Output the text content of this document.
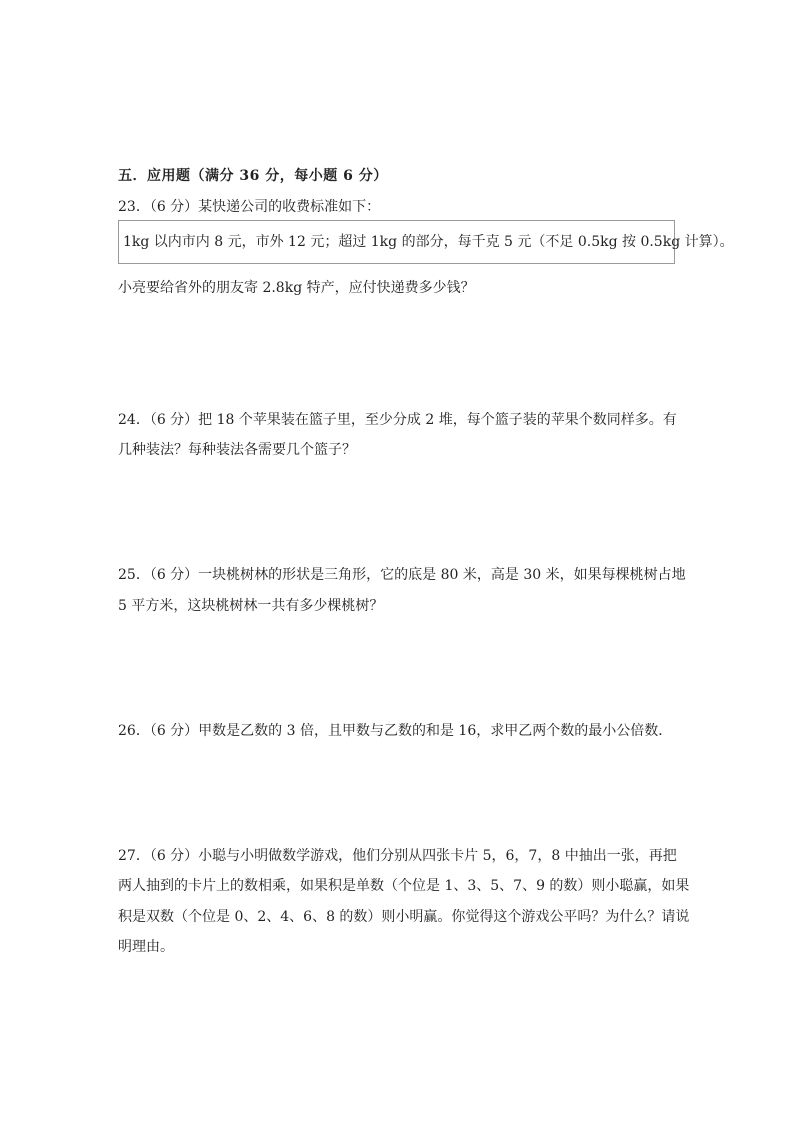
五．应用题（满分 36 分，每小题 6 分）
23．（6 分）某快递公司的收费标准如下：
1kg 以内市内 8 元，市外 12 元；超过 1kg 的部分，每千克 5 元（不足 0.5kg 按 0.5kg 计算）。
小亮要给省外的朋友寄 2.8kg 特产，应付快递费多少钱？
24．（6 分）把 18 个苹果装在篮子里，至少分成 2 堆，每个篮子装的苹果个数同样多。有
几种装法？每种装法各需要几个篮子？
25．（6 分）一块桃树林的形状是三角形，它的底是 80 米，高是 30 米，如果每棵桃树占地
5 平方米，这块桃树林一共有多少棵桃树？
26．（6 分）甲数是乙数的 3 倍，且甲数与乙数的和是 16，求甲乙两个数的最小公倍数．
27．（6 分）小聪与小明做数学游戏，他们分别从四张卡片 5，6，7，8 中抽出一张，再把
两人抽到的卡片上的数相乘，如果积是单数（个位是 1、3、5、7、9 的数）则小聪赢，如果
积是双数（个位是 0、2、4、6、8 的数）则小明赢。你觉得这个游戏公平吗？为什么？请说
明理由。
